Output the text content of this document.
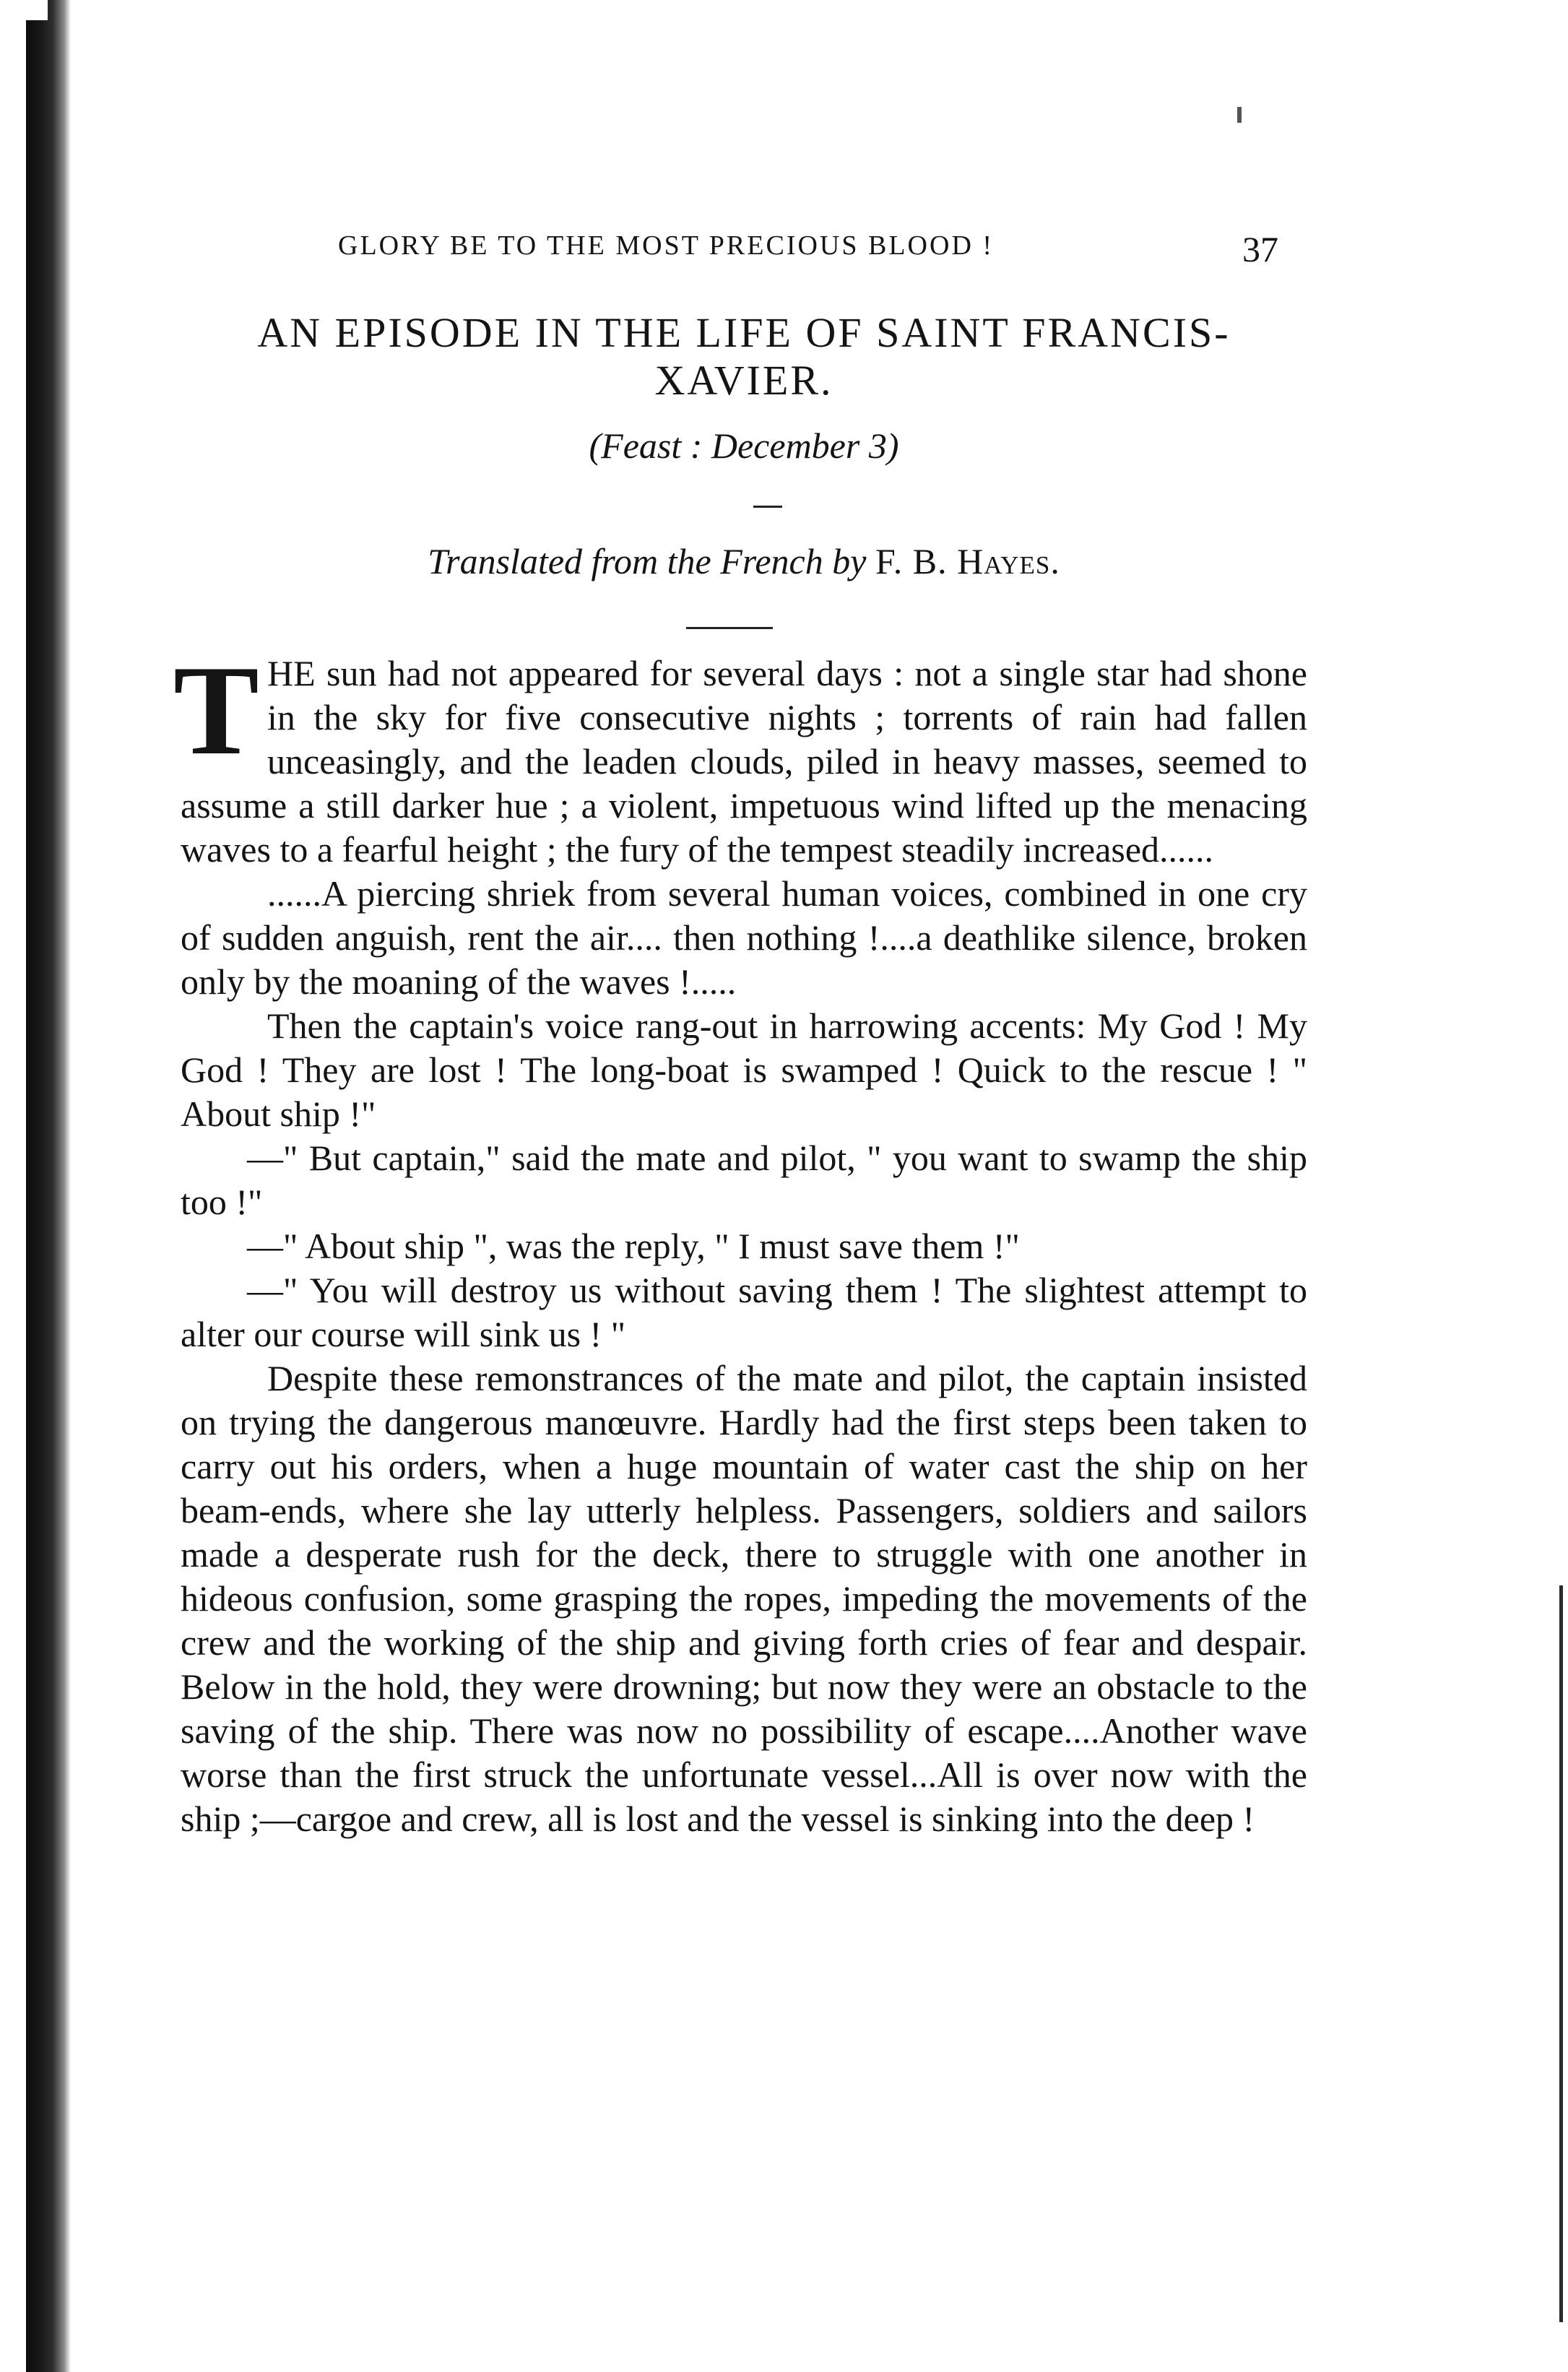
GLORY BE TO THE MOST PRECIOUS BLOOD !	37
AN EPISODE IN THE LIFE OF SAINT FRANCIS-XAVIER.
(Feast : December 3)
Translated from the French by F. B. Hayes.

THE sun had not appeared for several days : not a single star had shone in the sky for five consecutive nights ; torrents of rain had fallen unceasingly, and the leaden clouds, piled in heavy masses, seemed to assume a still darker hue ; a violent, impetuous wind lifted up the menacing waves to a fearful height ; the fury of the tempest steadily increased......

......A piercing shriek from several human voices, combined in one cry of sudden anguish, rent the air.... then nothing !....a deathlike silence, broken only by the moaning of the waves !.....

Then the captain's voice rang-out in harrowing accents: My God ! My God ! They are lost ! The long-boat is swamped ! Quick to the rescue ! " About ship !"

—" But captain," said the mate and pilot, " you want to swamp the ship too !"

—" About ship ", was the reply, " I must save them !"

—" You will destroy us without saving them ! The slightest attempt to alter our course will sink us ! "

Despite these remonstrances of the mate and pilot, the captain insisted on trying the dangerous manœuvre. Hardly had the first steps been taken to carry out his orders, when a huge mountain of water cast the ship on her beam-ends, where she lay utterly helpless. Passengers, soldiers and sailors made a desperate rush for the deck, there to struggle with one another in hideous confusion, some grasping the ropes, impeding the movements of the crew and the working of the ship and giving forth cries of fear and despair. Below in the hold, they were drowning; but now they were an obstacle to the saving of the ship. There was now no possibility of escape....Another wave worse than the first struck the unfortunate vessel...All is over now with the ship ;—cargoe and crew, all is lost and the vessel is sinking into the deep !
